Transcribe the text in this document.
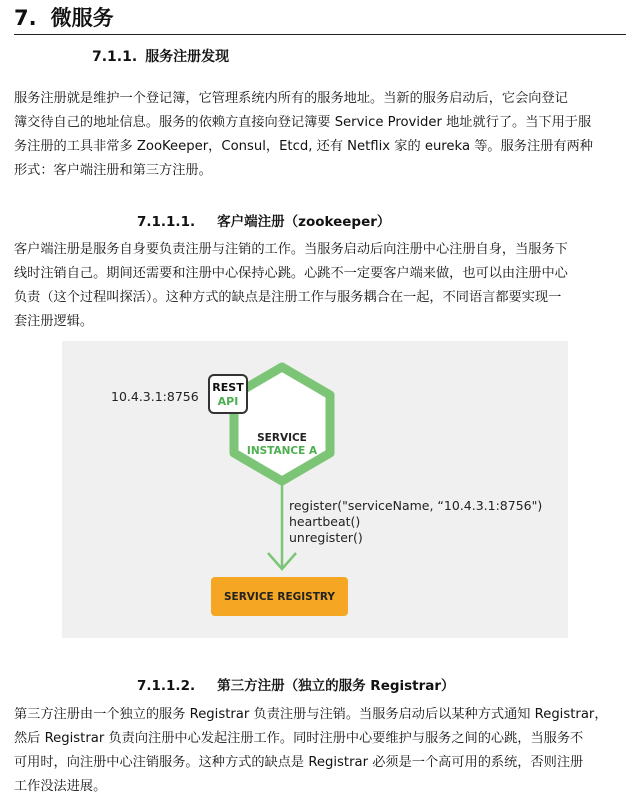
7. 微服务
7.1.1. 服务注册发现
服务注册就是维护一个登记簿，它管理系统内所有的服务地址。当新的服务启动后，它会向登记
簿交待自己的地址信息。服务的依赖方直接向登记簿要 Service Provider 地址就行了。当下用于服
务注册的工具非常多 ZooKeeper，Consul，Etcd, 还有 Netflix 家的 eureka 等。服务注册有两种
形式：客户端注册和第三方注册。
7.1.1.1. 客户端注册（zookeeper）
客户端注册是服务自身要负责注册与注销的工作。当服务启动后向注册中心注册自身，当服务下
线时注销自己。期间还需要和注册中心保持心跳。心跳不一定要客户端来做，也可以由注册中心
负责（这个过程叫探活）。这种方式的缺点是注册工作与服务耦合在一起，不同语言都要实现一
套注册逻辑。
10.4.3.1:8756
REST
API
SERVICE
INSTANCE A
register("serviceName, “10.4.3.1:8756")
heartbeat()
unregister()
SERVICE REGISTRY
7.1.1.2. 第三方注册（独立的服务 Registrar）
第三方注册由一个独立的服务 Registrar 负责注册与注销。当服务启动后以某种方式通知 Registrar，
然后 Registrar 负责向注册中心发起注册工作。同时注册中心要维护与服务之间的心跳，当服务不
可用时，向注册中心注销服务。这种方式的缺点是 Registrar 必须是一个高可用的系统，否则注册
工作没法进展。
